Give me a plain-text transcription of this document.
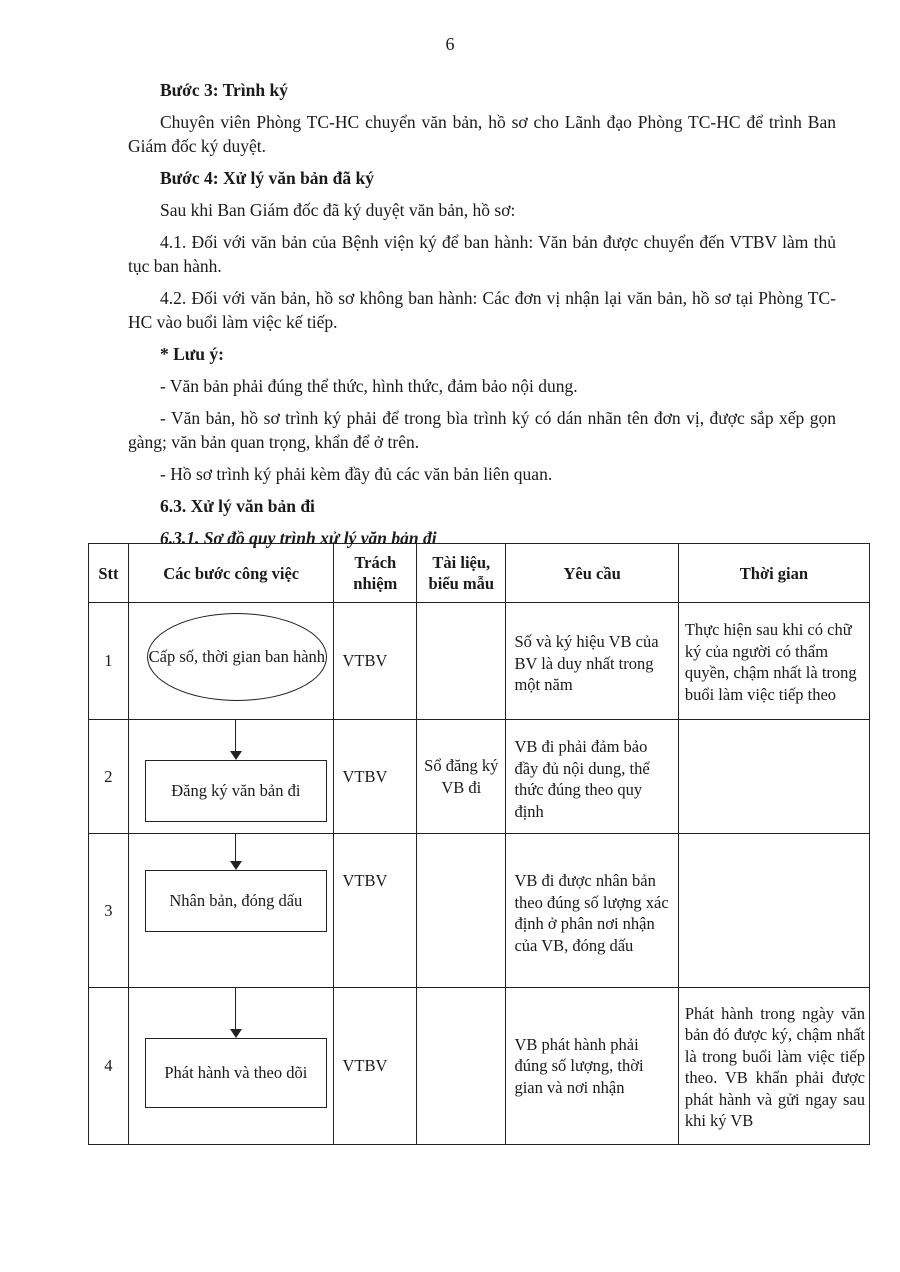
6

Bước 3: Trình ký

Chuyên viên Phòng TC-HC chuyển văn bản, hồ sơ cho Lãnh đạo Phòng TC-HC để trình Ban Giám đốc ký duyệt.

Bước 4: Xử lý văn bản đã ký

Sau khi Ban Giám đốc đã ký duyệt văn bản, hồ sơ:

4.1. Đối với văn bản của Bệnh viện ký để ban hành: Văn bản được chuyển đến VTBV làm thủ tục ban hành.

4.2. Đối với văn bản, hồ sơ không ban hành: Các đơn vị nhận lại văn bản, hồ sơ tại Phòng TC-HC vào buổi làm việc kế tiếp.

* Lưu ý:

- Văn bản phải đúng thể thức, hình thức, đảm bảo nội dung.

- Văn bản, hồ sơ trình ký phải để trong bìa trình ký có dán nhãn tên đơn vị, được sắp xếp gọn gàng; văn bản quan trọng, khẩn để ở trên.

- Hồ sơ trình ký phải kèm đầy đủ các văn bản liên quan.

6.3. Xử lý văn bản đi

6.3.1. Sơ đồ quy trình xử lý văn bản đi

Stt	Các bước công việc	Trách nhiệm	Tài liệu, biểu mẫu	Yêu cầu	Thời gian
1	Cấp số, thời gian ban hành	VTBV		Số và ký hiệu VB của BV là duy nhất trong một năm	Thực hiện sau khi có chữ ký của người có thẩm quyền, chậm nhất là trong buổi làm việc tiếp theo
2	Đăng ký văn bản đi	VTBV	Sổ đăng ký VB đi	VB đi phải đảm bảo đầy đủ nội dung, thể thức đúng theo quy định	
3	Nhân bản, đóng dấu	VTBV		VB đi được nhân bản theo đúng số lượng xác định ở phân nơi nhận của VB, đóng dấu	
4	Phát hành và theo dõi	VTBV		VB phát hành phải đúng số lượng, thời gian và nơi nhận	Phát hành trong ngày văn bản đó được ký, chậm nhất là trong buổi làm việc tiếp theo. VB khẩn phải được phát hành và gửi ngay sau khi ký VB
